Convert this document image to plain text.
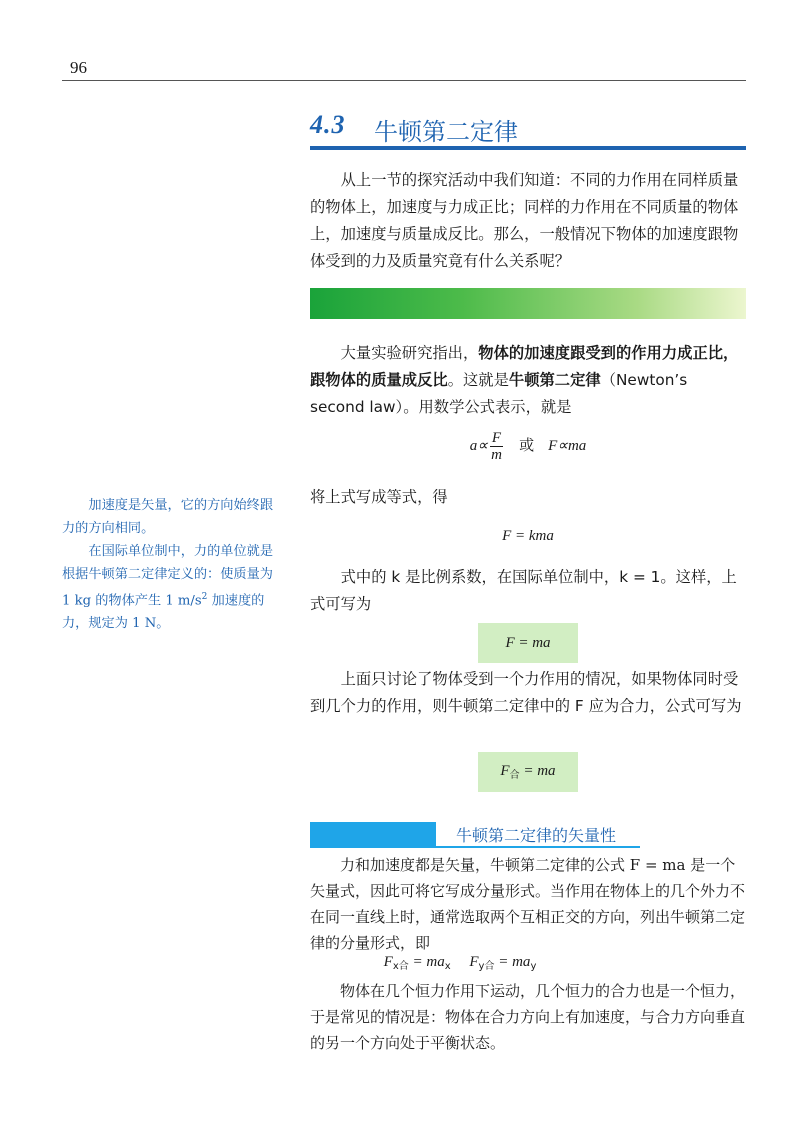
96
4.3 牛顿第二定律
从上一节的探究活动中我们知道：不同的力作用在同样质量的物体上，加速度与力成正比；同样的力作用在不同质量的物体上，加速度与质量成反比。那么，一般情况下物体的加速度跟物体受到的力及质量究竟有什么关系呢？
大量实验研究指出，物体的加速度跟受到的作用力成正比，跟物体的质量成反比。这就是牛顿第二定律（Newton’s second law）。用数学公式表示，就是
$a\propto \frac{F}{m}$ 或 F∝ma
将上式写成等式，得
F = kma
式中的 k 是比例系数，在国际单位制中，k = 1。这样，上式可写为
F = ma
上面只讨论了物体受到一个力作用的情况，如果物体同时受到几个力的作用，则牛顿第二定律中的 F 应为合力，公式可写为
$F_合$ = ma
牛顿第二定律的矢量性
力和加速度都是矢量，牛顿第二定律的公式 F = ma 是一个矢量式，因此可将它写成分量形式。当作用在物体上的几个外力不在同一直线上时，通常选取两个互相正交的方向，列出牛顿第二定律的分量形式，即
$F_{x合} = ma_x$ $F_{y合} = ma_y$
物体在几个恒力作用下运动，几个恒力的合力也是一个恒力，于是常见的情况是：物体在合力方向上有加速度，与合力方向垂直的另一个方向处于平衡状态。

加速度是矢量，它的方向始终跟力的方向相同。

在国际单位制中，力的单位就是根据牛顿第二定律定义的：使质量为 1 kg 的物体产生 1 $m/s^2$ 加速度的力，规定为 1 N。
